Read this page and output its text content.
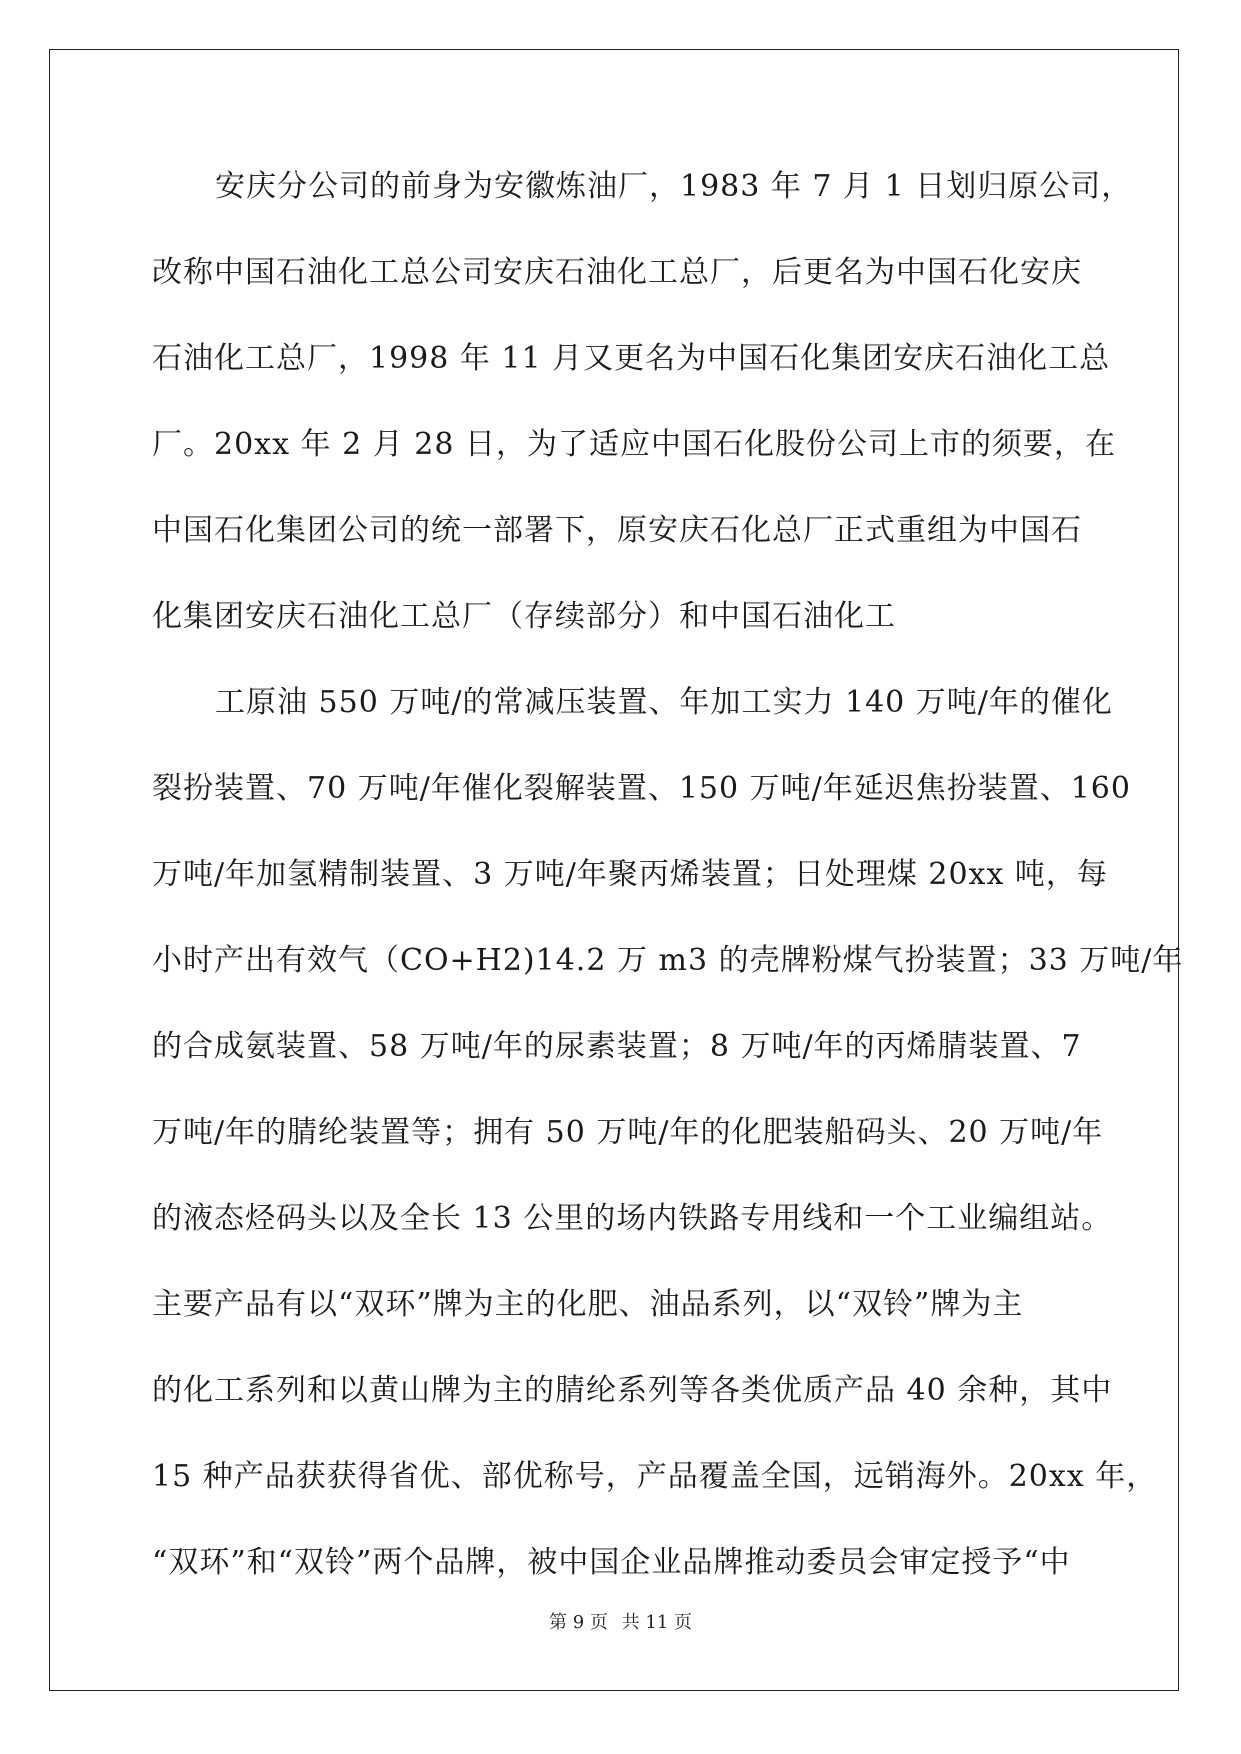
安庆分公司的前身为安徽炼油厂，1983 年 7 月 1 日划归原公司，
改称中国石油化工总公司安庆石油化工总厂，后更名为中国石化安庆
石油化工总厂，1998 年 11 月又更名为中国石化集团安庆石油化工总
厂。20xx 年 2 月 28 日，为了适应中国石化股份公司上市的须要，在
中国石化集团公司的统一部署下，原安庆石化总厂正式重组为中国石
化集团安庆石油化工总厂（存续部分）和中国石油化工
工原油 550 万吨/的常减压装置、年加工实力 140 万吨/年的催化
裂扮装置、70 万吨/年催化裂解装置、150 万吨/年延迟焦扮装置、160
万吨/年加氢精制装置、3 万吨/年聚丙烯装置；日处理煤 20xx 吨，每
小时产出有效气（CO+H2)14.2 万 m3 的壳牌粉煤气扮装置；33 万吨/年
的合成氨装置、58 万吨/年的尿素装置；8 万吨/年的丙烯腈装置、7
万吨/年的腈纶装置等；拥有 50 万吨/年的化肥装船码头、20 万吨/年
的液态烃码头以及全长 13 公里的场内铁路专用线和一个工业编组站。
主要产品有以“双环”牌为主的化肥、油品系列，以“双铃”牌为主
的化工系列和以黄山牌为主的腈纶系列等各类优质产品 40 余种，其中
15 种产品获获得省优、部优称号，产品覆盖全国，远销海外。20xx 年，
“双环”和“双铃”两个品牌，被中国企业品牌推动委员会审定授予“中
第 9 页 共 11 页
